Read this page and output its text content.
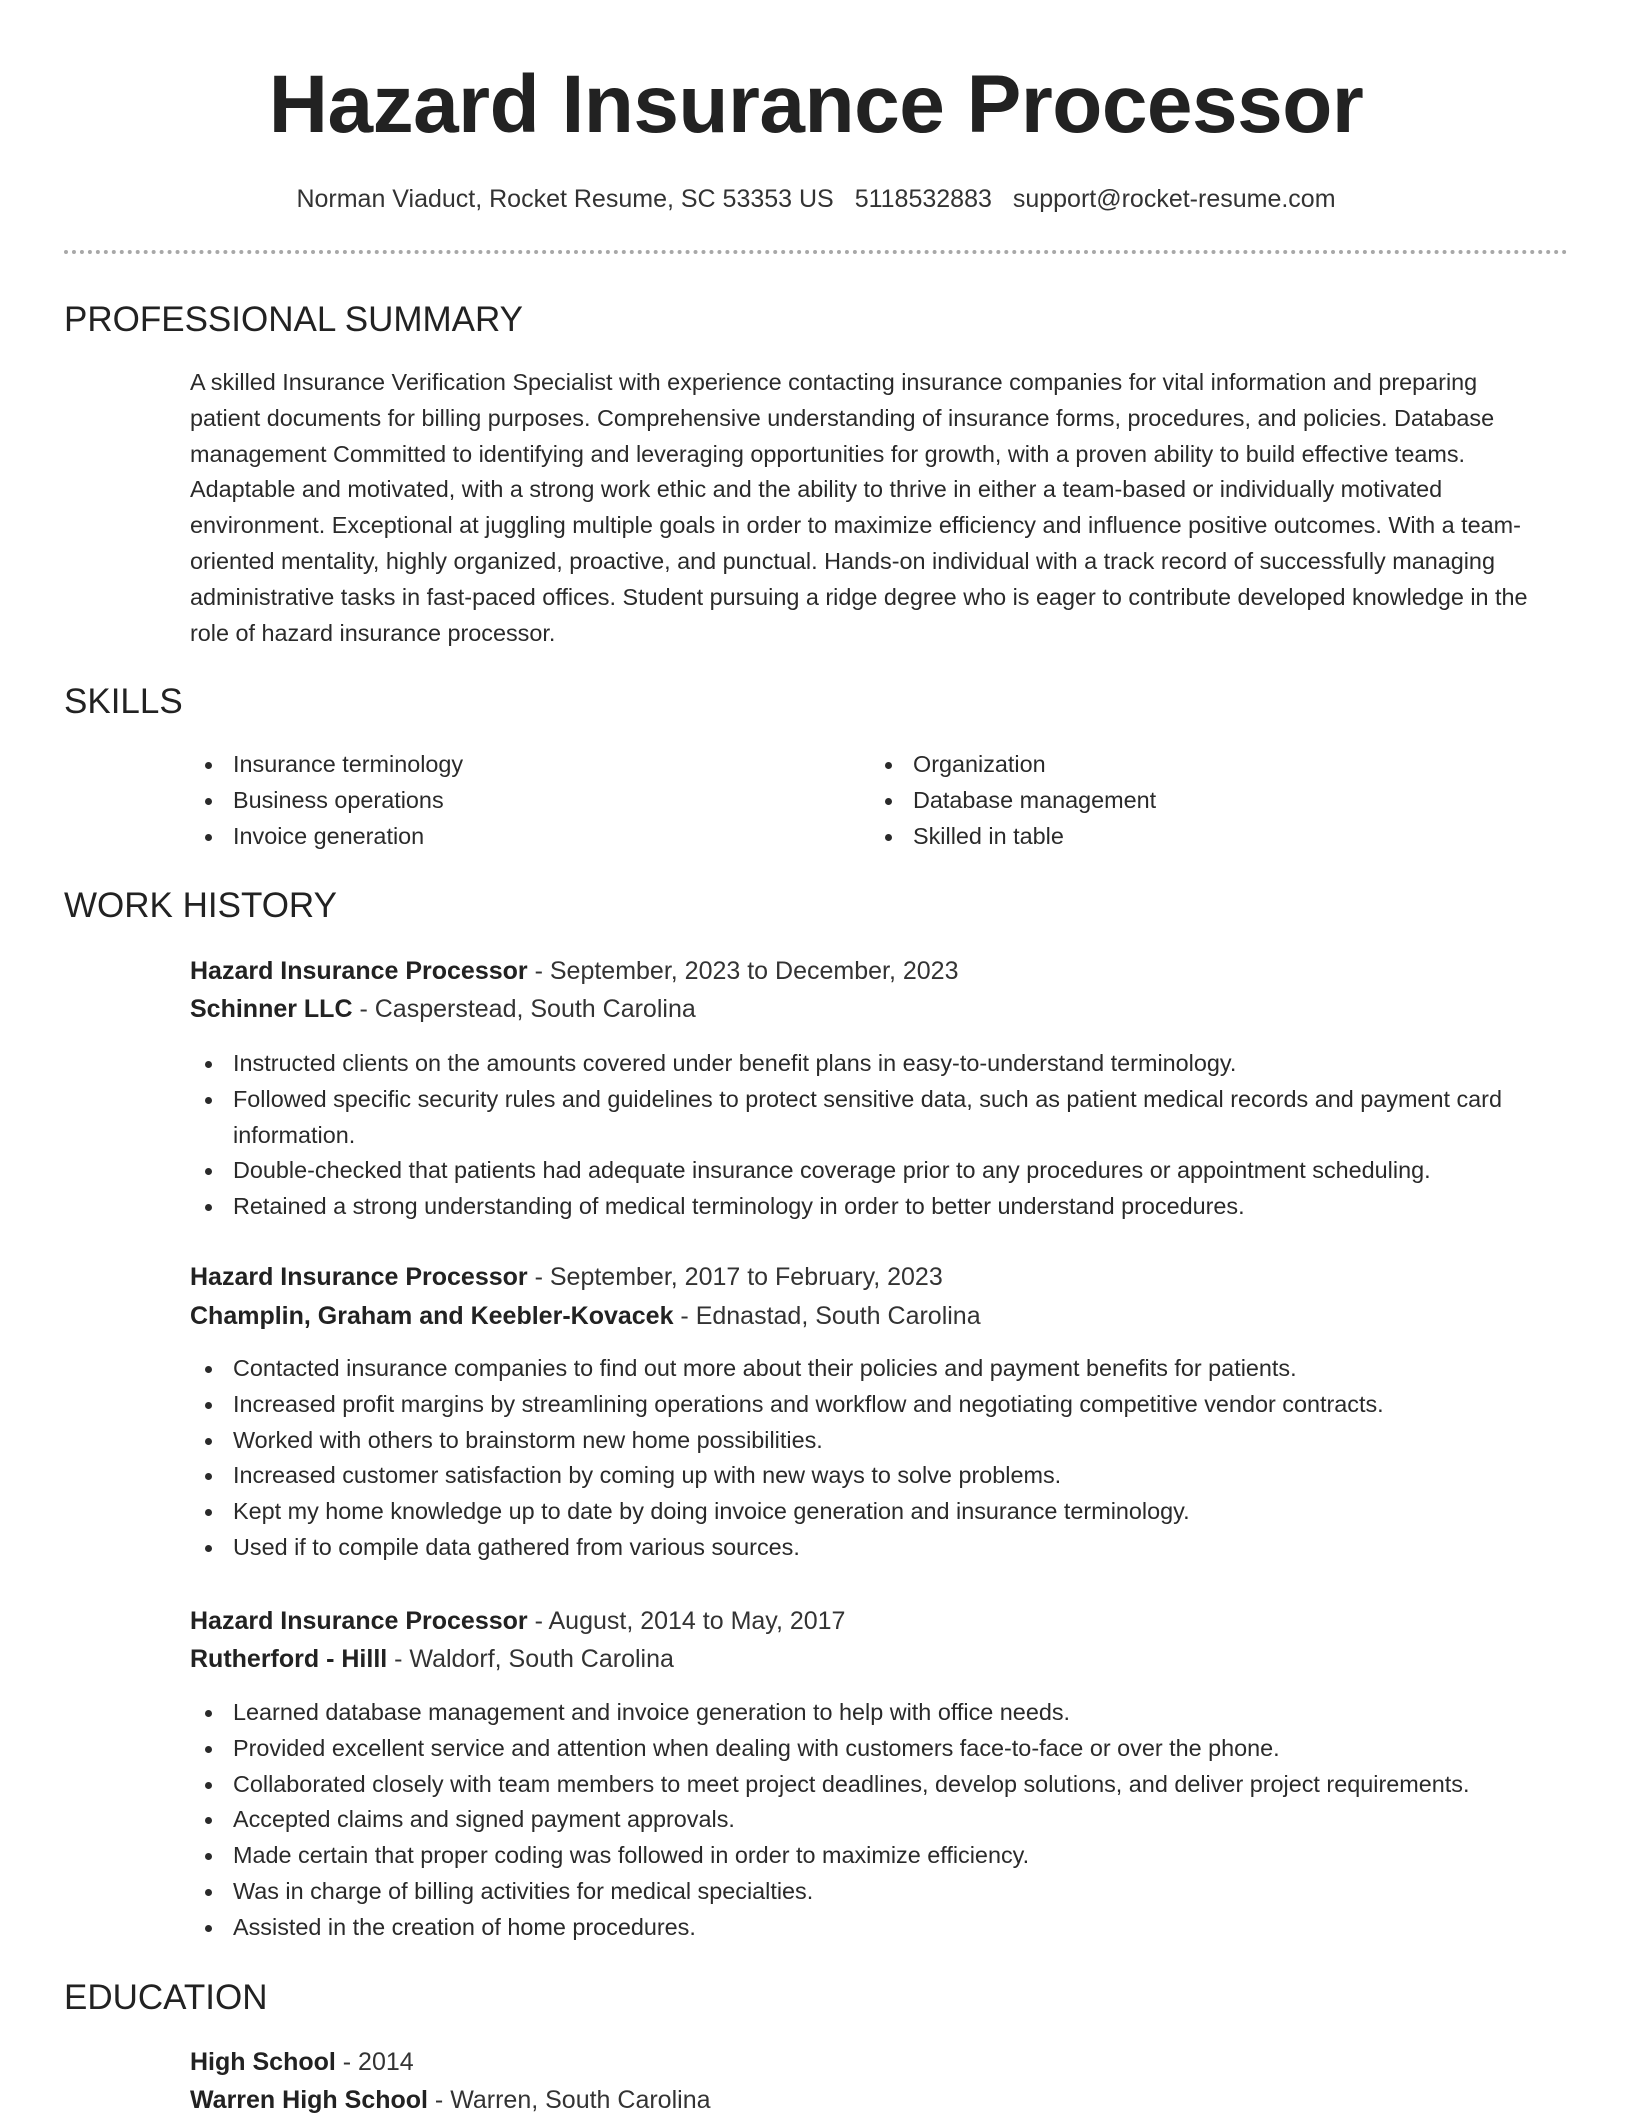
Hazard Insurance Processor
Norman Viaduct, Rocket Resume, SC 53353 US 5118532883 support@rocket-resume.com
PROFESSIONAL SUMMARY

A skilled Insurance Verification Specialist with experience contacting insurance companies for vital information and preparing patient documents for billing purposes. Comprehensive understanding of insurance forms, procedures, and policies. Database management Committed to identifying and leveraging opportunities for growth, with a proven ability to build effective teams. Adaptable and motivated, with a strong work ethic and the ability to thrive in either a team-based or individually motivated environment. Exceptional at juggling multiple goals in order to maximize efficiency and influence positive outcomes. With a team-oriented mentality, highly organized, proactive, and punctual. Hands-on individual with a track record of successfully managing administrative tasks in fast-paced offices. Student pursuing a ridge degree who is eager to contribute developed knowledge in the role of hazard insurance processor.

SKILLS
Insurance terminology
Business operations
Invoice generation
Organization
Database management
Skilled in table
WORK HISTORY
Hazard Insurance Processor - September, 2023 to December, 2023
Schinner LLC - Casperstead, South Carolina
Instructed clients on the amounts covered under benefit plans in easy-to-understand terminology.
Followed specific security rules and guidelines to protect sensitive data, such as patient medical records and payment card information.
Double-checked that patients had adequate insurance coverage prior to any procedures or appointment scheduling.
Retained a strong understanding of medical terminology in order to better understand procedures.
Hazard Insurance Processor - September, 2017 to February, 2023
Champlin, Graham and Keebler-Kovacek - Ednastad, South Carolina
Contacted insurance companies to find out more about their policies and payment benefits for patients.
Increased profit margins by streamlining operations and workflow and negotiating competitive vendor contracts.
Worked with others to brainstorm new home possibilities.
Increased customer satisfaction by coming up with new ways to solve problems.
Kept my home knowledge up to date by doing invoice generation and insurance terminology.
Used if to compile data gathered from various sources.
Hazard Insurance Processor - August, 2014 to May, 2017
Rutherford - Hilll - Waldorf, South Carolina
Learned database management and invoice generation to help with office needs.
Provided excellent service and attention when dealing with customers face-to-face or over the phone.
Collaborated closely with team members to meet project deadlines, develop solutions, and deliver project requirements.
Accepted claims and signed payment approvals.
Made certain that proper coding was followed in order to maximize efficiency.
Was in charge of billing activities for medical specialties.
Assisted in the creation of home procedures.
EDUCATION
High School - 2014
Warren High School - Warren, South Carolina
